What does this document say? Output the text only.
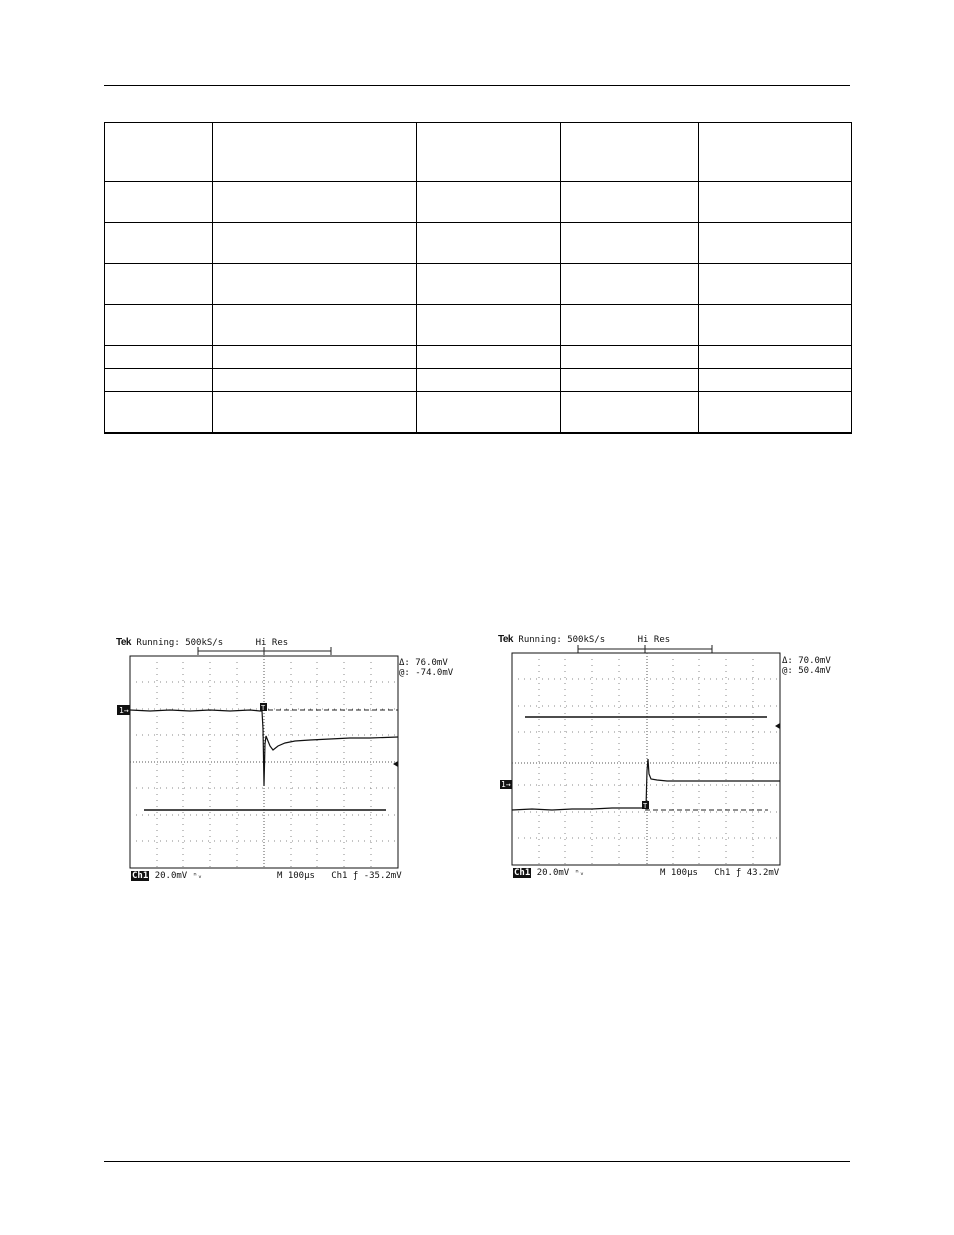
Tek Running: 500kS/s	Hi Res
Δ: 76.0mV
@: -74.0mV
1→	T
Ch1 20.0mV ⁿᵥ	M 100µs Ch1 ƒ -35.2mV
Tek Running: 500kS/s	Hi Res
Δ: 70.0mV
@: 50.4mV
1→
T
Ch1 20.0mV ⁿᵥ	M 100µs Ch1 ƒ 43.2mV
